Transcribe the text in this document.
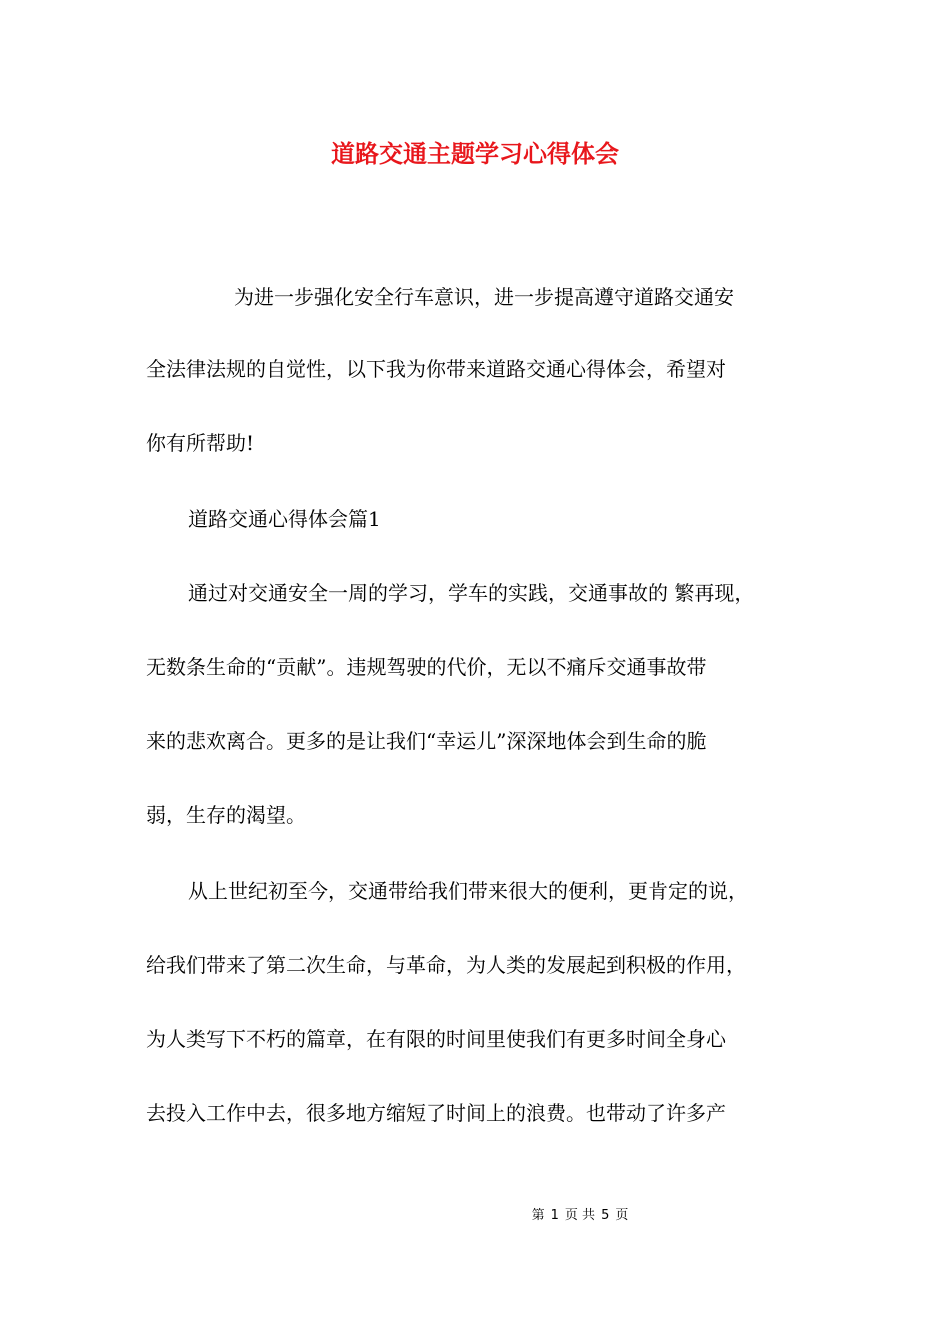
道路交通主题学习心得体会
为进一步强化安全行车意识，进一步提高遵守道路交通安
全法律法规的自觉性，以下我为你带来道路交通心得体会，希望对
你有所帮助!
道路交通心得体会篇1
通过对交通安全一周的学习，学车的实践，交通事故的 繁再现，
无数条生命的“贡献”。违规驾驶的代价，无以不痛斥交通事故带
来的悲欢离合。更多的是让我们“幸运儿”深深地体会到生命的脆
弱，生存的渴望。
从上世纪初至今，交通带给我们带来很大的便利，更肯定的说，
给我们带来了第二次生命，与革命，为人类的发展起到积极的作用，
为人类写下不朽的篇章，在有限的时间里使我们有更多时间全身心
去投入工作中去，很多地方缩短了时间上的浪费。也带动了许多产
第 1 页 共 5 页
